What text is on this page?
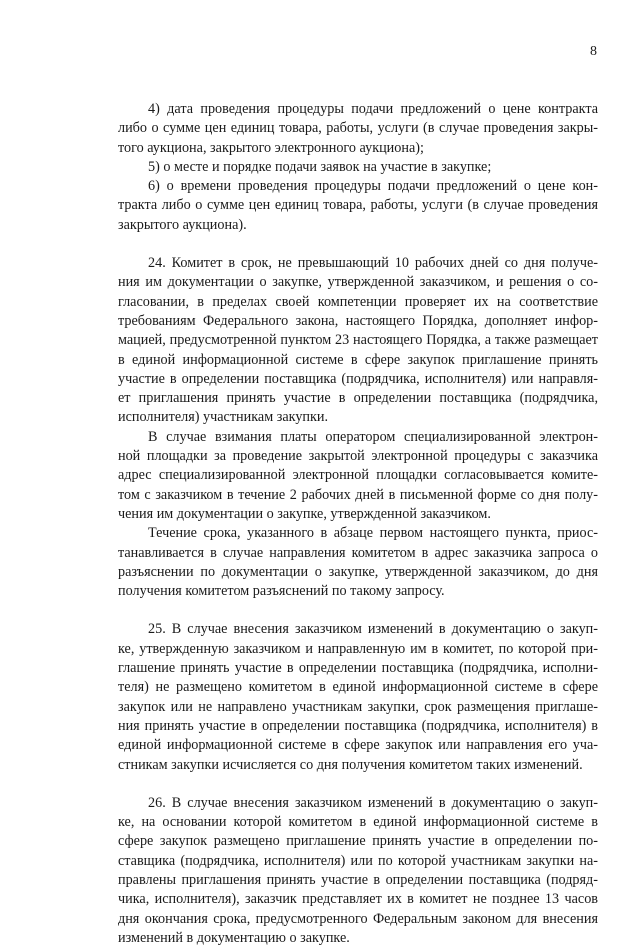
8
4) дата проведения процедуры подачи предложений о цене контракта
либо о сумме цен единиц товара, работы, услуги (в случае проведения закры-
того аукциона, закрытого электронного аукциона);
5) о месте и порядке подачи заявок на участие в закупке;
6) о времени проведения процедуры подачи предложений о цене кон-
тракта либо о сумме цен единиц товара, работы, услуги (в случае проведения
закрытого аукциона).
24. Комитет в срок, не превышающий 10 рабочих дней со дня получе-
ния им документации о закупке, утвержденной заказчиком, и решения о со-
гласовании, в пределах своей компетенции проверяет их на соответствие
требованиям Федерального закона, настоящего Порядка, дополняет инфор-
мацией, предусмотренной пунктом 23 настоящего Порядка, а также размещает
в единой информационной системе в сфере закупок приглашение принять
участие в определении поставщика (подрядчика, исполнителя) или направля-
ет приглашения принять участие в определении поставщика (подрядчика,
исполнителя) участникам закупки.
В случае взимания платы оператором специализированной электрон-
ной площадки за проведение закрытой электронной процедуры с заказчика
адрес специализированной электронной площадки согласовывается комите-
том с заказчиком в течение 2 рабочих дней в письменной форме со дня полу-
чения им документации о закупке, утвержденной заказчиком.
Течение срока, указанного в абзаце первом настоящего пункта, приос-
танавливается в случае направления комитетом в адрес заказчика запроса о
разъяснении по документации о закупке, утвержденной заказчиком, до дня
получения комитетом разъяснений по такому запросу.
25. В случае внесения заказчиком изменений в документацию о закуп-
ке, утвержденную заказчиком и направленную им в комитет, по которой при-
глашение принять участие в определении поставщика (подрядчика, исполни-
теля) не размещено комитетом в единой информационной системе в сфере
закупок или не направлено участникам закупки, срок размещения приглаше-
ния принять участие в определении поставщика (подрядчика, исполнителя) в
единой информационной системе в сфере закупок или направления его уча-
стникам закупки исчисляется со дня получения комитетом таких изменений.
26. В случае внесения заказчиком изменений в документацию о закуп-
ке, на основании которой комитетом в единой информационной системе в
сфере закупок размещено приглашение принять участие в определении по-
ставщика (подрядчика, исполнителя) или по которой участникам закупки на-
правлены приглашения принять участие в определении поставщика (подряд-
чика, исполнителя), заказчик представляет их в комитет не позднее 13 часов
дня окончания срока, предусмотренного Федеральным законом для внесения
изменений в документацию о закупке.
